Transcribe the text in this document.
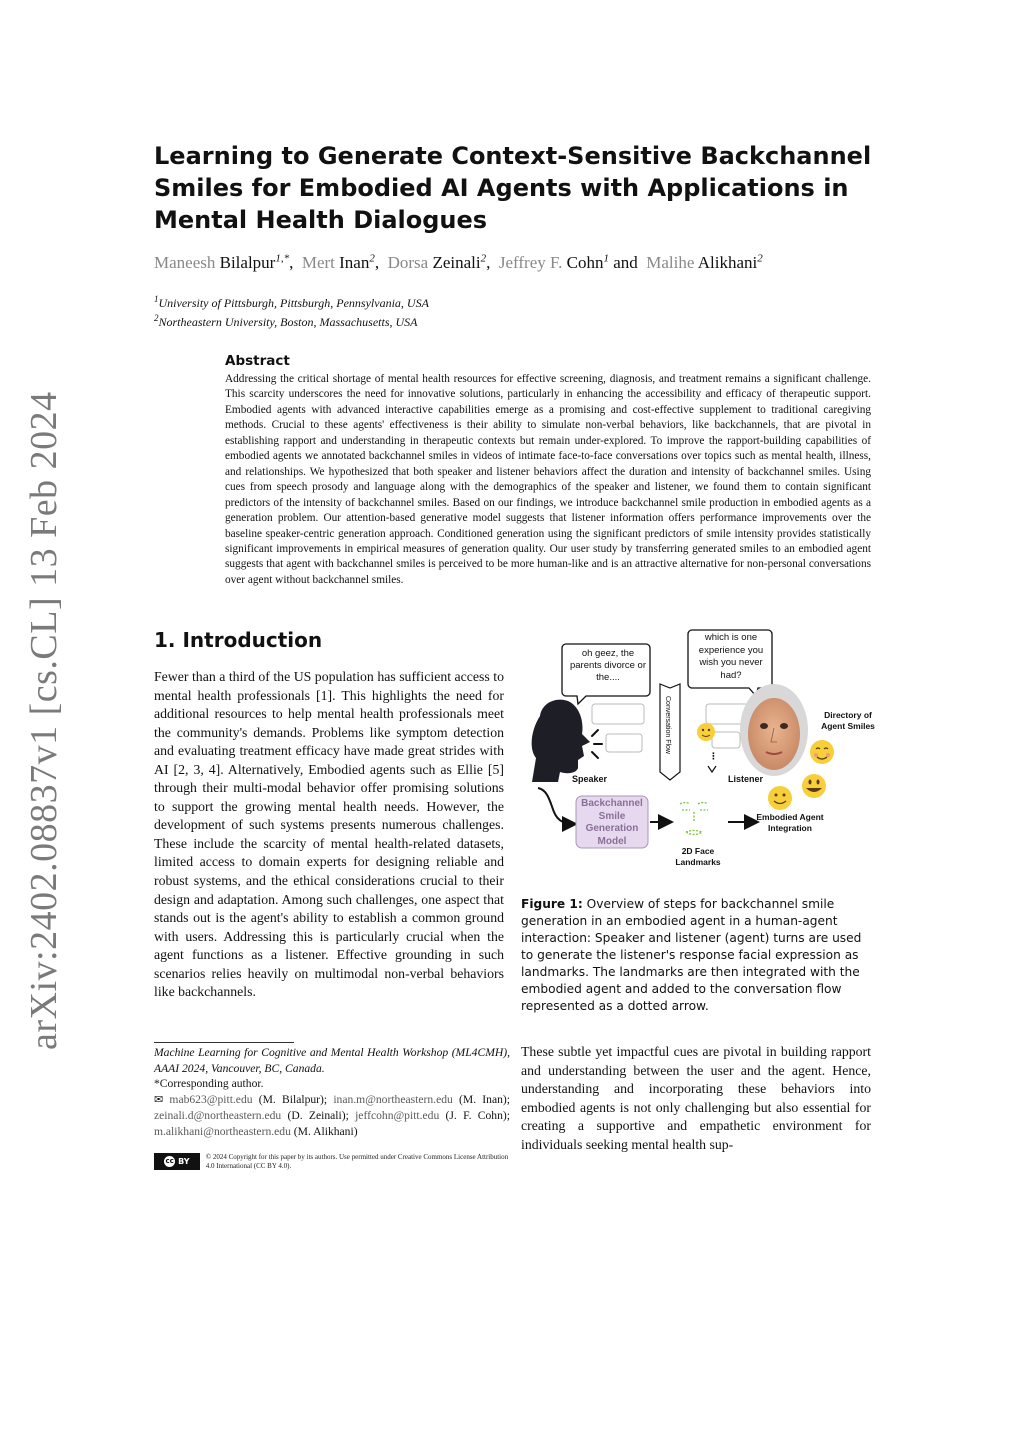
arXiv:2402.08837v1 [cs.CL] 13 Feb 2024
Learning to Generate Context-Sensitive Backchannel Smiles for Embodied AI Agents with Applications in Mental Health Dialogues
Maneesh Bilalpur$^{1,*}$, Mert Inan$^2$, Dorsa Zeinali$^2$, Jeffrey F. Cohn$^1$ and Malihe Alikhani$^2$
$^1$University of Pittsburgh, Pittsburgh, Pennsylvania, USA
$^2$Northeastern University, Boston, Massachusetts, USA
Abstract
Addressing the critical shortage of mental health resources for effective screening, diagnosis, and treatment remains a significant challenge. This scarcity underscores the need for innovative solutions, particularly in enhancing the accessibility and efficacy of therapeutic support. Embodied agents with advanced interactive capabilities emerge as a promising and cost-effective supplement to traditional caregiving methods. Crucial to these agents' effectiveness is their ability to simulate non-verbal behaviors, like backchannels, that are pivotal in establishing rapport and understanding in therapeutic contexts but remain under-explored. To improve the rapport-building capabilities of embodied agents we annotated backchannel smiles in videos of intimate face-to-face conversations over topics such as mental health, illness, and relationships. We hypothesized that both speaker and listener behaviors affect the duration and intensity of backchannel smiles. Using cues from speech prosody and language along with the demographics of the speaker and listener, we found them to contain significant predictors of the intensity of backchannel smiles. Based on our findings, we introduce backchannel smile production in embodied agents as a generation problem. Our attention-based generative model suggests that listener information offers performance improvements over the baseline speaker-centric generation approach. Conditioned generation using the significant predictors of smile intensity provides statistically significant improvements in empirical measures of generation quality. Our user study by transferring generated smiles to an embodied agent suggests that agent with backchannel smiles is perceived to be more human-like and is an attractive alternative for non-personal conversations over agent without backchannel smiles.
1. Introduction
Fewer than a third of the US population has sufficient access to mental health professionals [1]. This highlights the need for additional resources to help mental health professionals meet the community's demands. Problems like symptom detection and evaluating treatment efficacy have made great strides with AI [2, 3, 4]. Alternatively, Embodied agents such as Ellie [5] through their multi-modal behavior offer promising solutions to support the growing mental health needs. However, the development of such systems presents numerous challenges. These include the scarcity of mental health-related datasets, limited access to domain experts for designing reliable and robust systems, and the ethical considerations crucial to their design and adaptation. Among such challenges, one aspect that stands out is the agent's ability to establish a common ground with users. Addressing this is particularly crucial when the agent functions as a listener. Effective grounding in such scenarios relies heavily on multimodal non-verbal behaviors like backchannels.
Machine Learning for Cognitive and Mental Health Workshop (ML4CMH), AAAI 2024, Vancouver, BC, Canada.
*Corresponding author.
✉ mab623@pitt.edu (M. Bilalpur); inan.m@northeastern.edu (M. Inan); zeinali.d@northeastern.edu (D. Zeinali); jeffcohn@pitt.edu (J. F. Cohn); m.alikhani@northeastern.edu (M. Alikhani)
cc BY © 2024 Copyright for this paper by its authors. Use permitted under Creative Commons License Attribution 4.0 International (CC BY 4.0).
oh geez, the parents divorce or the....
which is one experience you wish you never had?
Speaker
Conversation Flow
⋮
Listener
Directory of Agent Smiles
Backchannel Smile Generation Model
2D Face Landmarks
Embodied Agent Integration
Figure 1: Overview of steps for backchannel smile generation in an embodied agent in a human-agent interaction: Speaker and listener (agent) turns are used to generate the listener's response facial expression as landmarks. The landmarks are then integrated with the embodied agent and added to the conversation flow represented as a dotted arrow.
These subtle yet impactful cues are pivotal in building rapport and understanding between the user and the agent. Hence, understanding and incorporating these behaviors into embodied agents is not only challenging but also essential for creating a supportive and empathetic environment for individuals seeking mental health sup-
